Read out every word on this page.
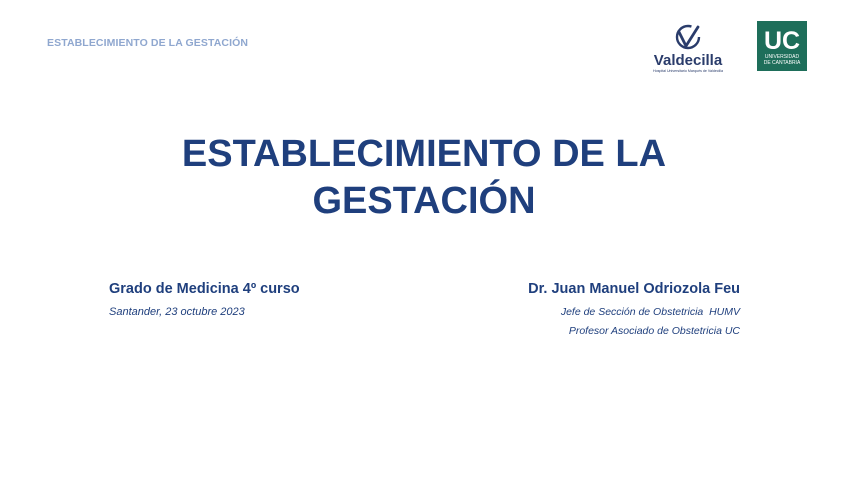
ESTABLECIMIENTO DE LA GESTACIÓN
Valdecilla
Hospital Universitario Marqués de Valdecilla
UC
UNIVERSIDAD
DE CANTABRIA
ESTABLECIMIENTO DE LA
GESTACIÓN
Grado de Medicina 4º curso
Santander, 23 octubre 2023
Dr. Juan Manuel Odriozola Feu
Jefe de Sección de Obstetricia  HUMV
Profesor Asociado de Obstetricia UC
